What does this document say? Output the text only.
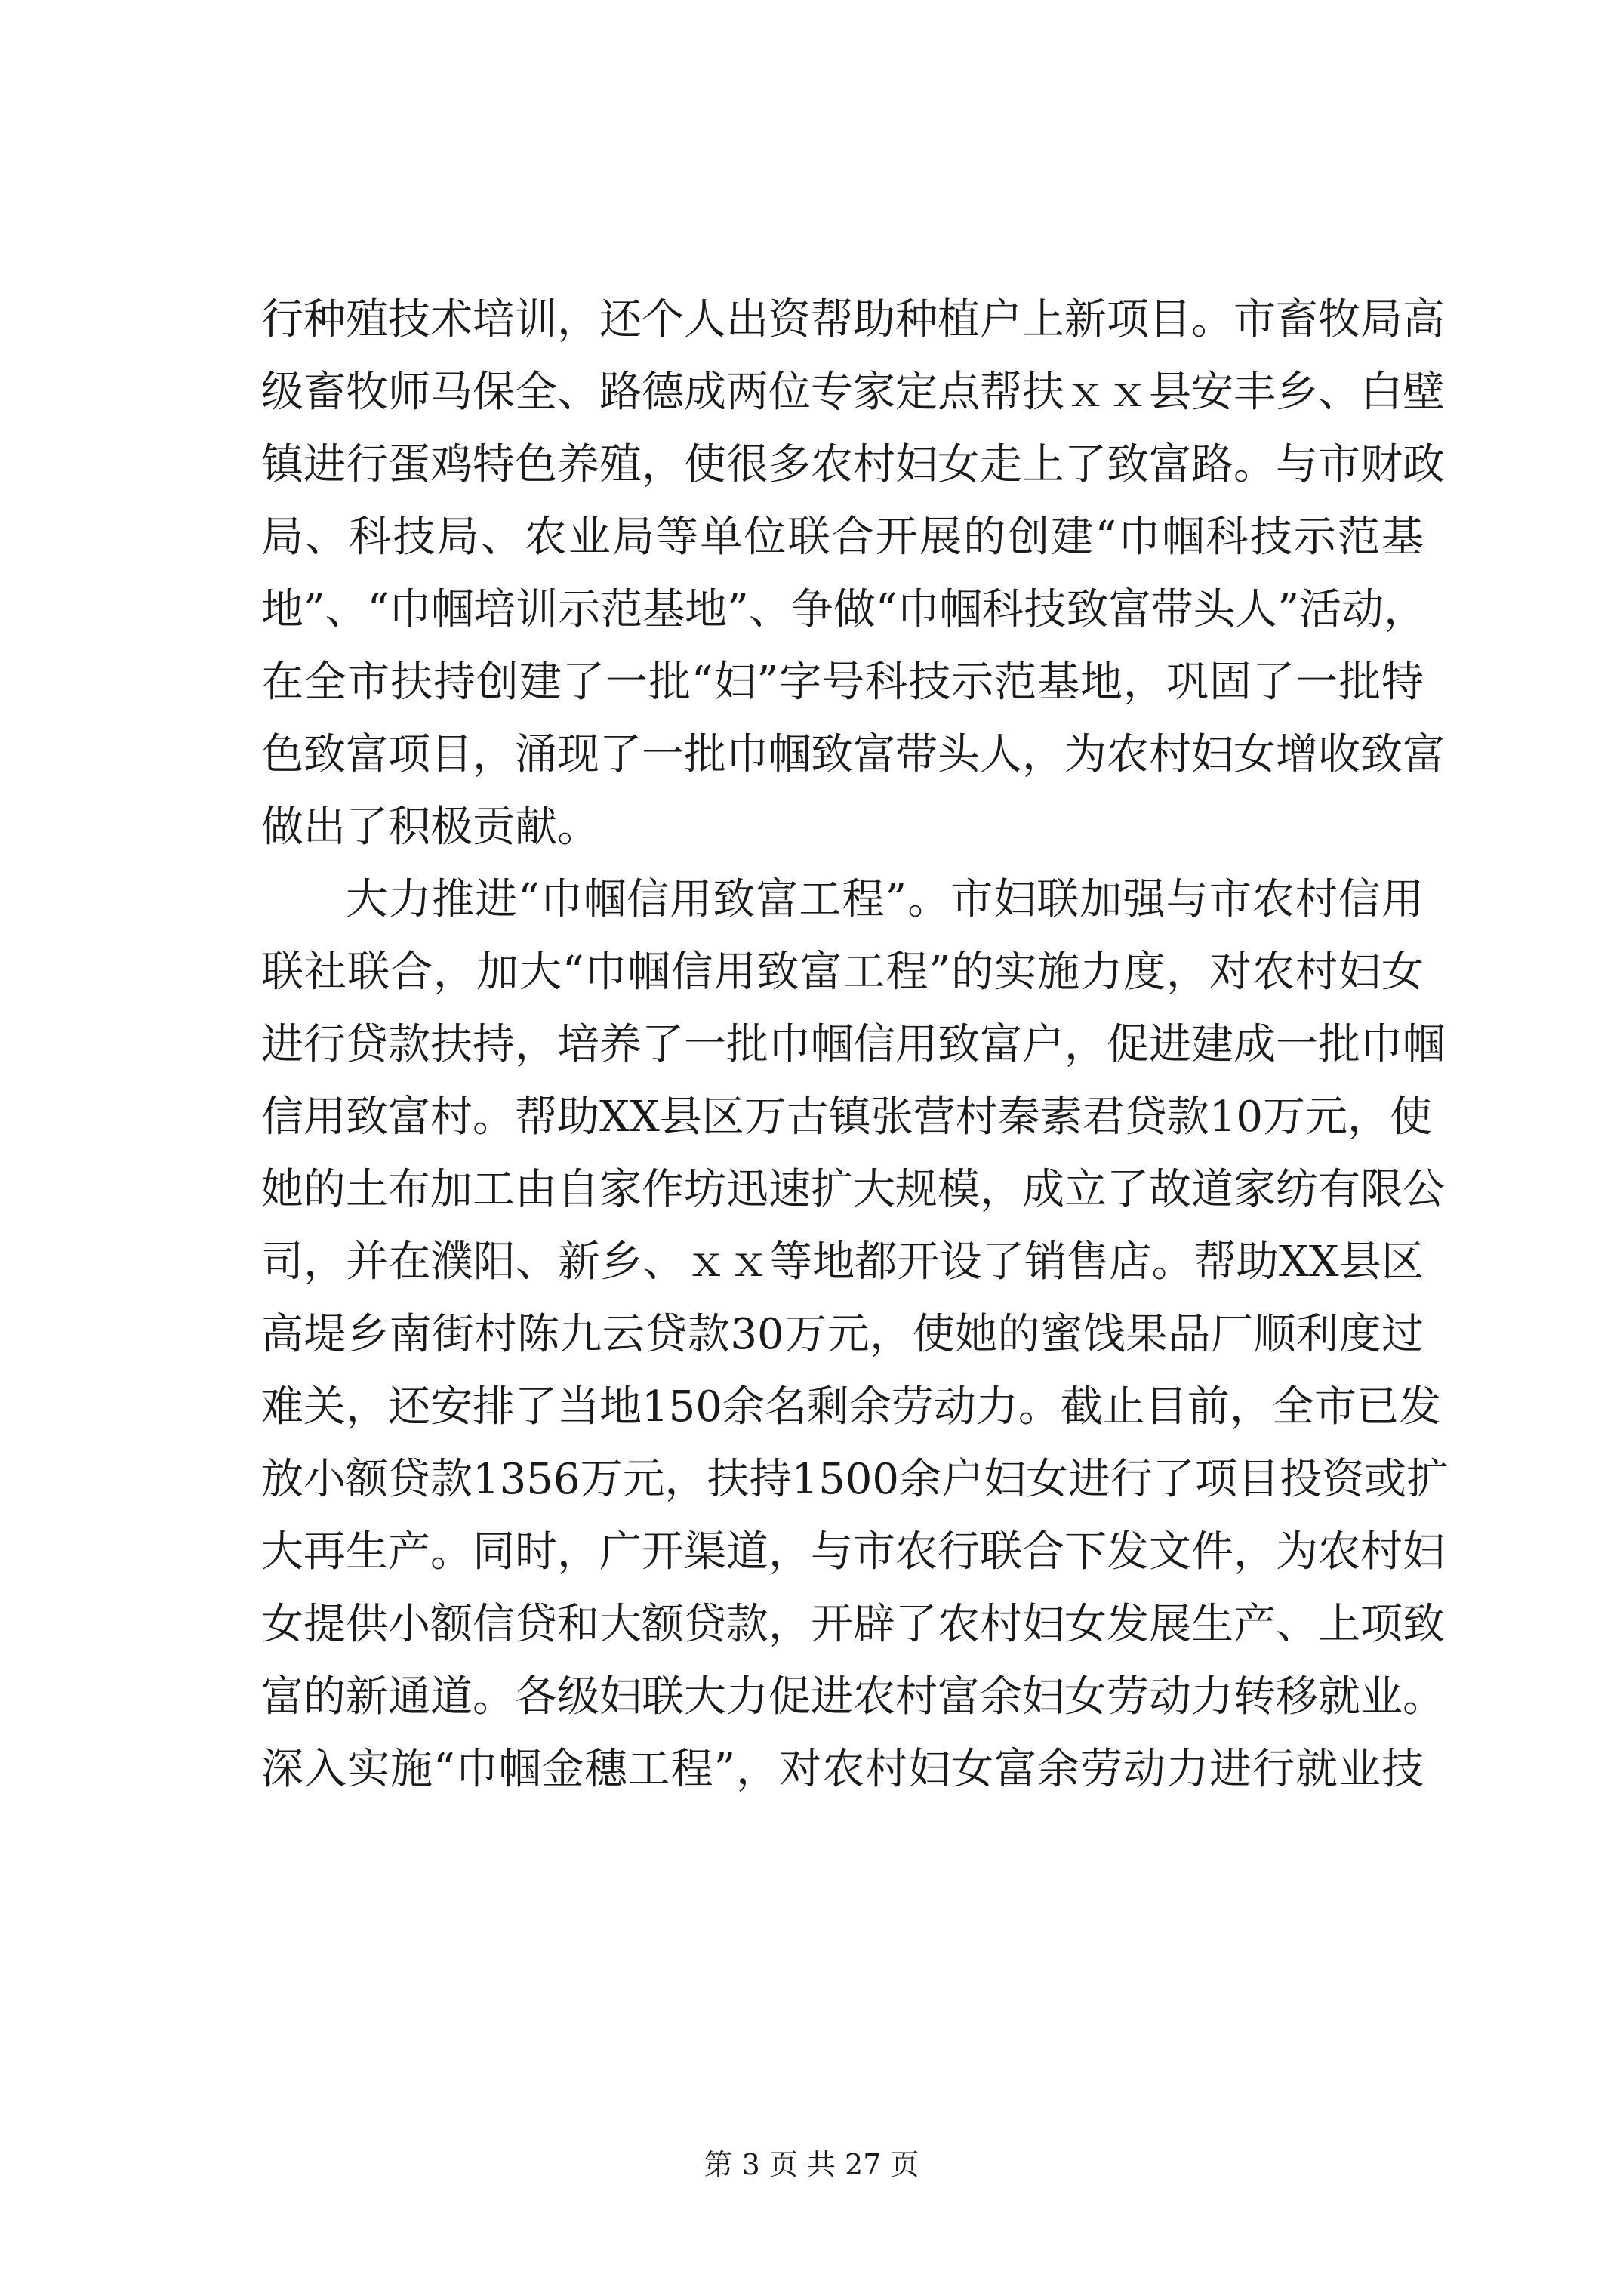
行种殖技术培训，还个人出资帮助种植户上新项目。市畜牧局高
级畜牧师马保全、路德成两位专家定点帮扶ｘｘ县安丰乡、白壁
镇进行蛋鸡特色养殖，使很多农村妇女走上了致富路。与市财政
局、科技局、农业局等单位联合开展的创建“巾帼科技示范基
地”、“巾帼培训示范基地”、争做“巾帼科技致富带头人”活动，
在全市扶持创建了一批“妇”字号科技示范基地，巩固了一批特
色致富项目，涌现了一批巾帼致富带头人，为农村妇女增收致富
做出了积极贡献。
大力推进“巾帼信用致富工程”。市妇联加强与市农村信用
联社联合，加大“巾帼信用致富工程”的实施力度，对农村妇女
进行贷款扶持，培养了一批巾帼信用致富户，促进建成一批巾帼
信用致富村。帮助XX县区万古镇张营村秦素君贷款10万元，使
她的土布加工由自家作坊迅速扩大规模，成立了故道家纺有限公
司，并在濮阳、新乡、ｘｘ等地都开设了销售店。帮助XX县区
高堤乡南街村陈九云贷款30万元，使她的蜜饯果品厂顺利度过
难关，还安排了当地150余名剩余劳动力。截止目前，全市已发
放小额贷款1356万元，扶持1500余户妇女进行了项目投资或扩
大再生产。同时，广开渠道，与市农行联合下发文件，为农村妇
女提供小额信贷和大额贷款，开辟了农村妇女发展生产、上项致
富的新通道。各级妇联大力促进农村富余妇女劳动力转移就业。
深入实施“巾帼金穗工程”，对农村妇女富余劳动力进行就业技
第 3 页 共 27 页
